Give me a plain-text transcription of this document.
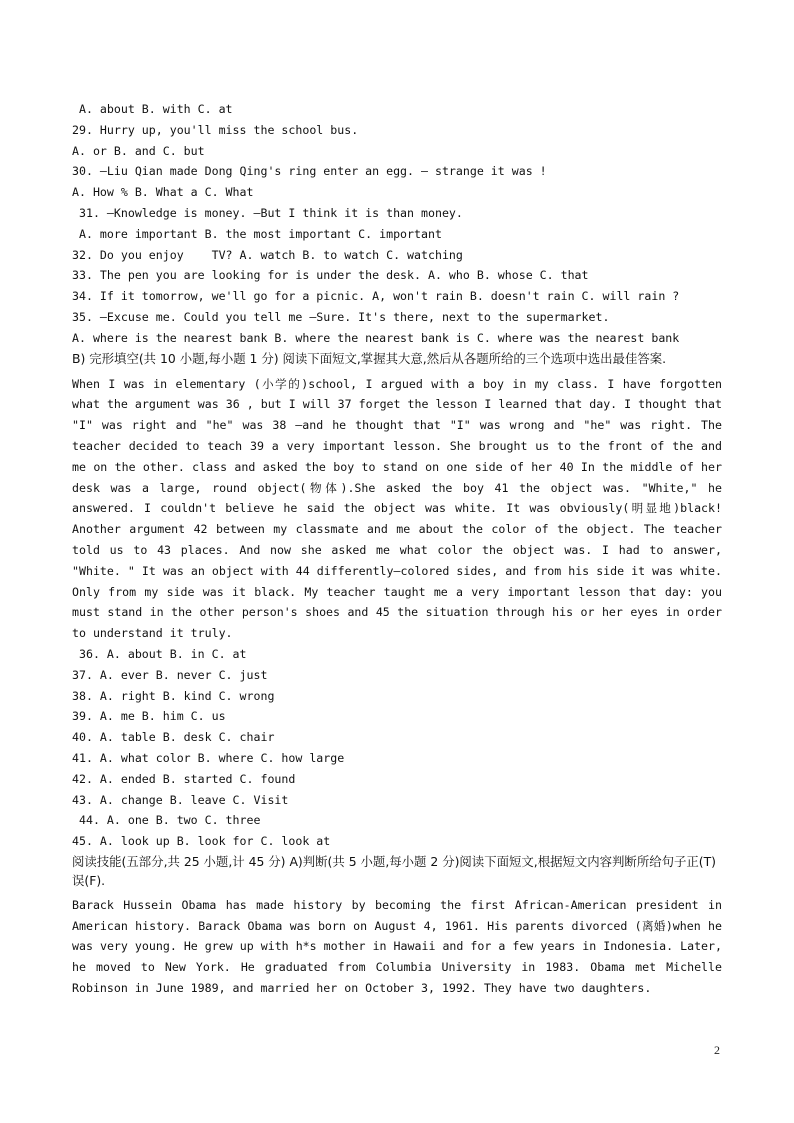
A. about B. with C. at
29. Hurry up, you'll miss the school bus.
A. or B. and C. but
30. —Liu Qian made Dong Qing's ring enter an egg. — strange it was !
A. How % B. What a C. What
31. —Knowledge is money. —But I think it is than money.
A. more important B. the most important C. important
32. Do you enjoy    TV? A. watch B. to watch C. watching
33. The pen you are looking for is under the desk. A. who B. whose C. that
34. If it tomorrow, we'll go for a picnic. A, won't rain B. doesn't rain C. will rain ?
35. —Excuse me. Could you tell me —Sure. It's there, next to the supermarket.
A. where is the nearest bank B. where the nearest bank is C. where was the nearest bank
B) 完形填空(共 10 小题,每小题 1 分) 阅读下面短文,掌握其大意,然后从各题所给的三个选项中选出最佳答案.
When I was in elementary (小学的)school, I argued with a boy in my class. I have forgotten what the argument was 36 , but I will 37 forget the lesson I learned that day. I thought that "I" was right and "he" was 38 —and he thought that "I" was wrong and "he" was right. The teacher decided to teach 39 a very important lesson. She brought us to the front of the and me on the other. class and asked the boy to stand on one side of her 40 In the middle of her desk was a large, round object(物体).She asked the boy 41 the object was. "White," he answered. I couldn't believe he said the object was white. It was obviously(明显地)black! Another argument 42 between my classmate and me about the color of the object. The teacher told us to 43 places. And now she asked me what color the object was. I had to answer, "White. " It was an object with 44 differently—colored sides, and from his side it was white. Only from my side was it black. My teacher taught me a very important lesson that day: you must stand in the other person's shoes and 45 the situation through his or her eyes in order to understand it truly.
36. A. about B. in C. at
37. A. ever B. never C. just
38. A. right B. kind C. wrong
39. A. me B. him C. us
40. A. table B. desk C. chair
41. A. what color B. where C. how large
42. A. ended B. started C. found
43. A. change B. leave C. Visit
44. A. one B. two C. three
45. A. look up B. look for C. look at
阅读技能(五部分,共 25 小题,计 45 分) A)判断(共 5 小题,每小题 2 分)阅读下面短文,根据短文内容判断所给句子正(T)误(F).
Barack Hussein Obama has made history by becoming the first African-American president in American history. Barack Obama was born on August 4, 1961. His parents divorced (离婚)when he was very young. He grew up with h*s mother in Hawaii and for a few years in Indonesia. Later, he moved to New York. He graduated from Columbia University in 1983. Obama met Michelle Robinson in June 1989, and married her on October 3, 1992. They have two daughters.
2
